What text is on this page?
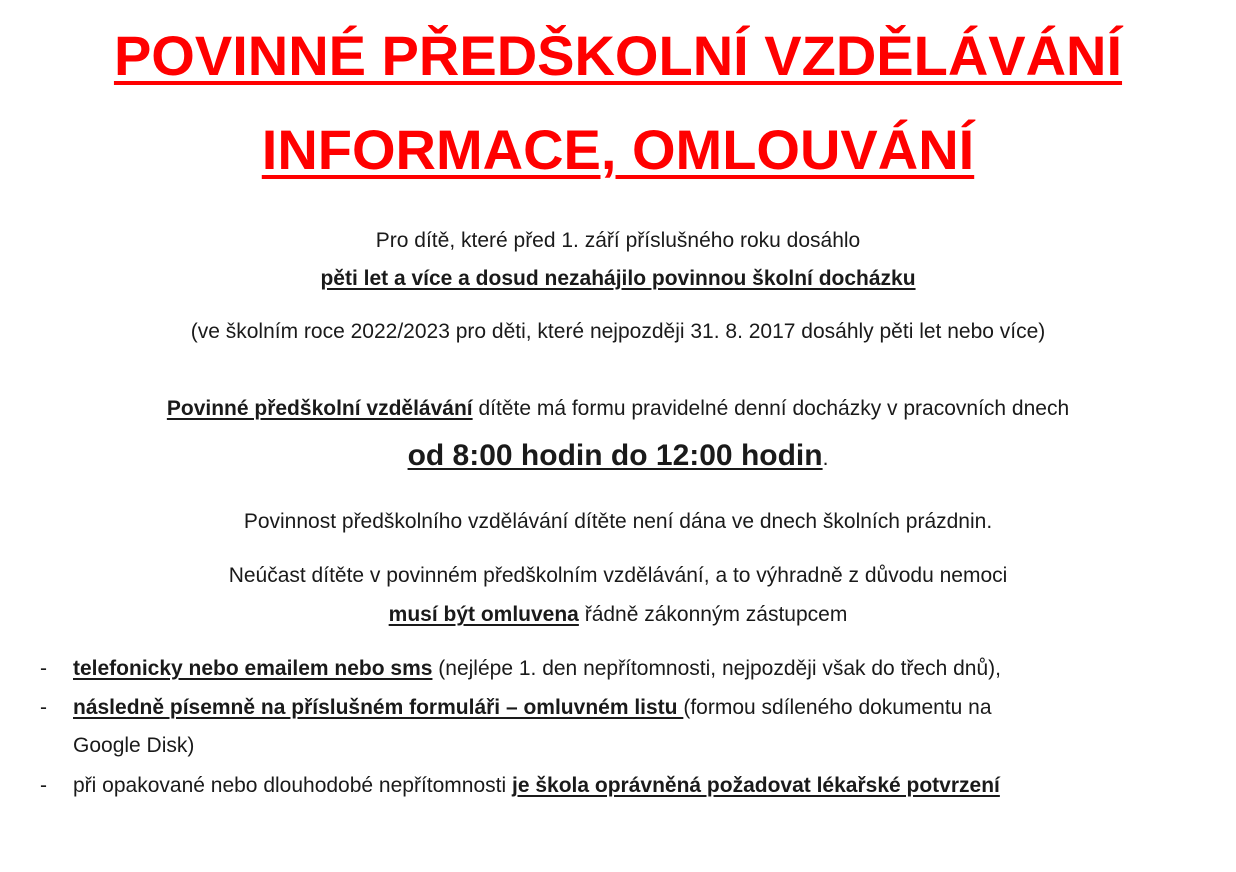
POVINNÉ PŘEDŠKOLNÍ VZDĚLÁVÁNÍ
INFORMACE, OMLOUVÁNÍ
Pro dítě, které před 1. září příslušného roku dosáhlo
pěti let a více a dosud nezahájilo povinnou školní docházku
(ve školním roce 2022/2023 pro děti, které nejpozději 31. 8. 2017 dosáhly pěti let nebo více)
Povinné předškolní vzdělávání dítěte má formu pravidelné denní docházky v pracovních dnech
od 8:00 hodin do 12:00 hodin.
Povinnost předškolního vzdělávání dítěte není dána ve dnech školních prázdnin.
Neúčast dítěte v povinném předškolním vzdělávání, a to výhradně z důvodu nemoci
musí být omluvena řádně zákonným zástupcem
- telefonicky nebo emailem nebo sms (nejlépe 1. den nepřítomnosti, nejpozději však do třech dnů),
- následně písemně na příslušném formuláři – omluvném listu (formou sdíleného dokumentu na
Google Disk)
- při opakované nebo dlouhodobé nepřítomnosti je škola oprávněná požadovat lékařské potvrzení
